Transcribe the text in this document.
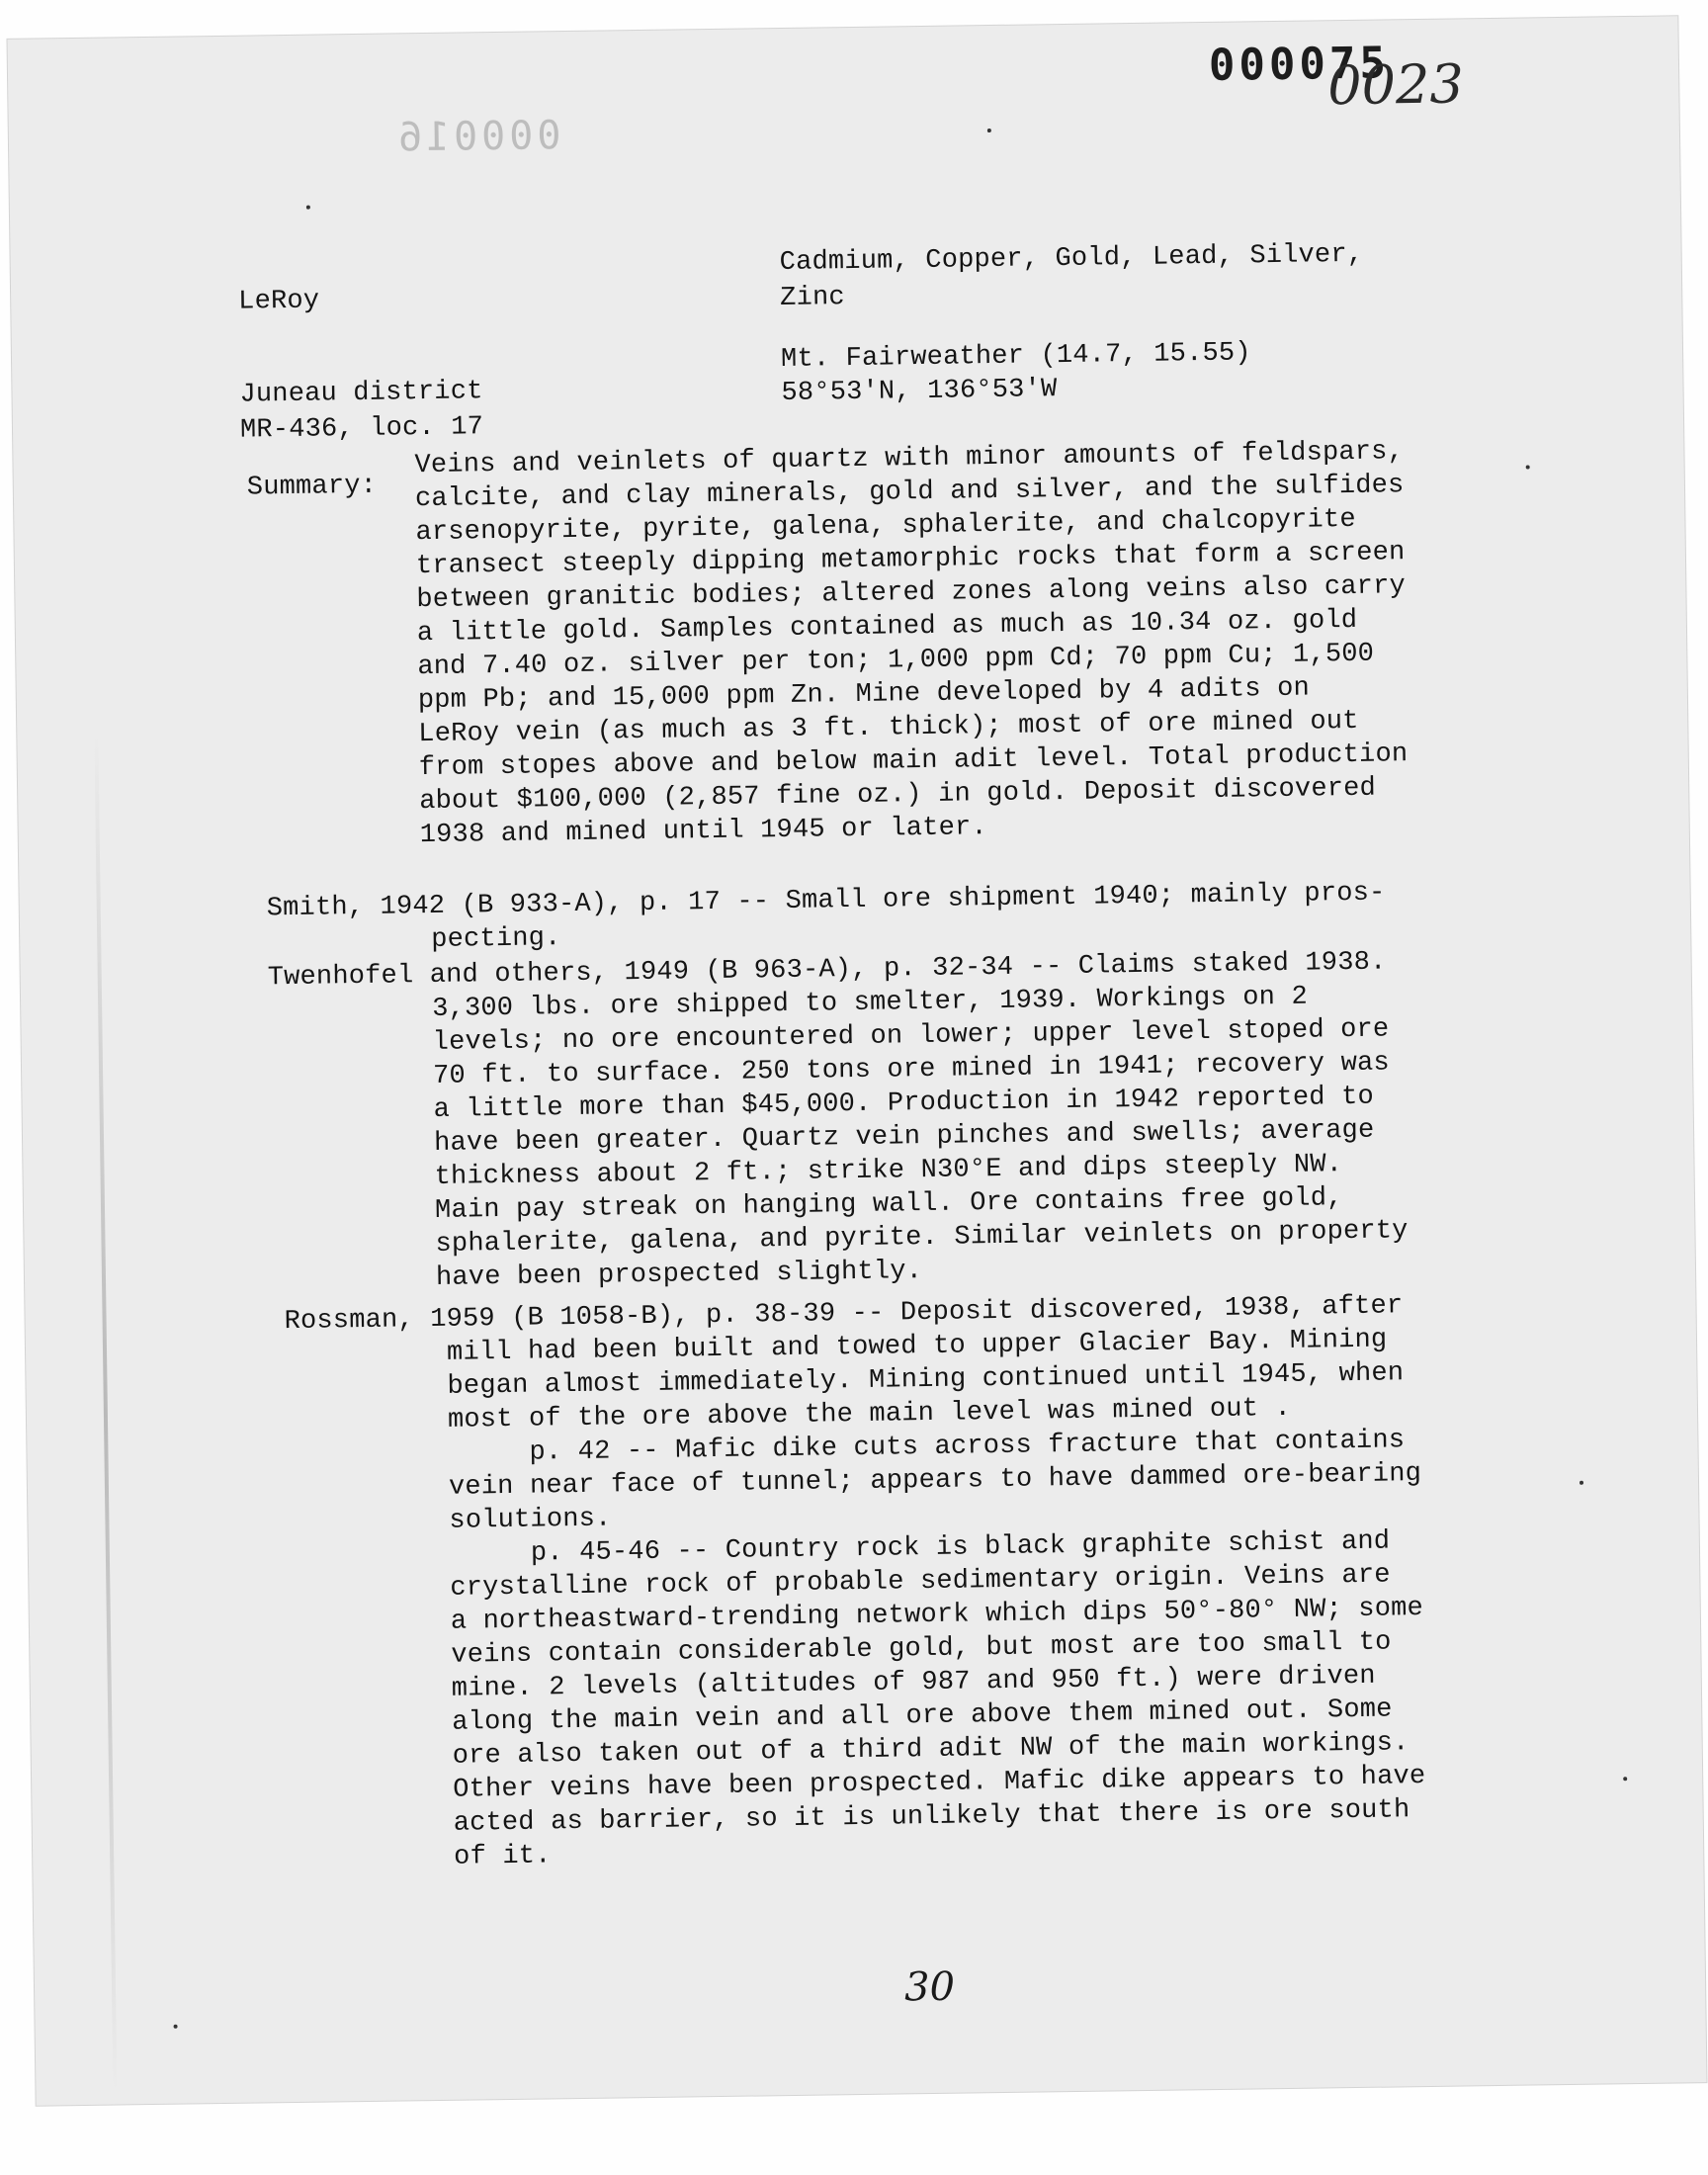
000075
0023
000016
LeRoy
Juneau district
MR-436, loc. 17
Cadmium, Copper, Gold, Lead, Silver,
Zinc
Mt. Fairweather (14.7, 15.55)
58°53'N, 136°53'W
Summary:
Veins and veinlets of quartz with minor amounts of feldspars,
calcite, and clay minerals, gold and silver, and the sulfides
arsenopyrite, pyrite, galena, sphalerite, and chalcopyrite
transect steeply dipping metamorphic rocks that form a screen
between granitic bodies; altered zones along veins also carry
a little gold. Samples contained as much as 10.34 oz. gold
and 7.40 oz. silver per ton; 1,000 ppm Cd; 70 ppm Cu; 1,500
ppm Pb; and 15,000 ppm Zn. Mine developed by 4 adits on
LeRoy vein (as much as 3 ft. thick); most of ore mined out
from stopes above and below main adit level. Total production
about $100,000 (2,857 fine oz.) in gold. Deposit discovered
1938 and mined until 1945 or later.
Smith, 1942 (B 933-A), p. 17 -- Small ore shipment 1940; mainly pros-
pecting.
Twenhofel and others, 1949 (B 963-A), p. 32-34 -- Claims staked 1938.
3,300 lbs. ore shipped to smelter, 1939. Workings on 2
levels; no ore encountered on lower; upper level stoped ore
70 ft. to surface. 250 tons ore mined in 1941; recovery was
a little more than $45,000. Production in 1942 reported to
have been greater. Quartz vein pinches and swells; average
thickness about 2 ft.; strike N30°E and dips steeply NW.
Main pay streak on hanging wall. Ore contains free gold,
sphalerite, galena, and pyrite. Similar veinlets on property
have been prospected slightly.
Rossman, 1959 (B 1058-B), p. 38-39 -- Deposit discovered, 1938, after
mill had been built and towed to upper Glacier Bay. Mining
began almost immediately. Mining continued until 1945, when
most of the ore above the main level was mined out .
p. 42 -- Mafic dike cuts across fracture that contains
vein near face of tunnel; appears to have dammed ore-bearing
solutions.
p. 45-46 -- Country rock is black graphite schist and
crystalline rock of probable sedimentary origin. Veins are
a northeastward-trending network which dips 50°-80° NW; some
veins contain considerable gold, but most are too small to
mine. 2 levels (altitudes of 987 and 950 ft.) were driven
along the main vein and all ore above them mined out. Some
ore also taken out of a third adit NW of the main workings.
Other veins have been prospected. Mafic dike appears to have
acted as barrier, so it is unlikely that there is ore south
of it.
30
